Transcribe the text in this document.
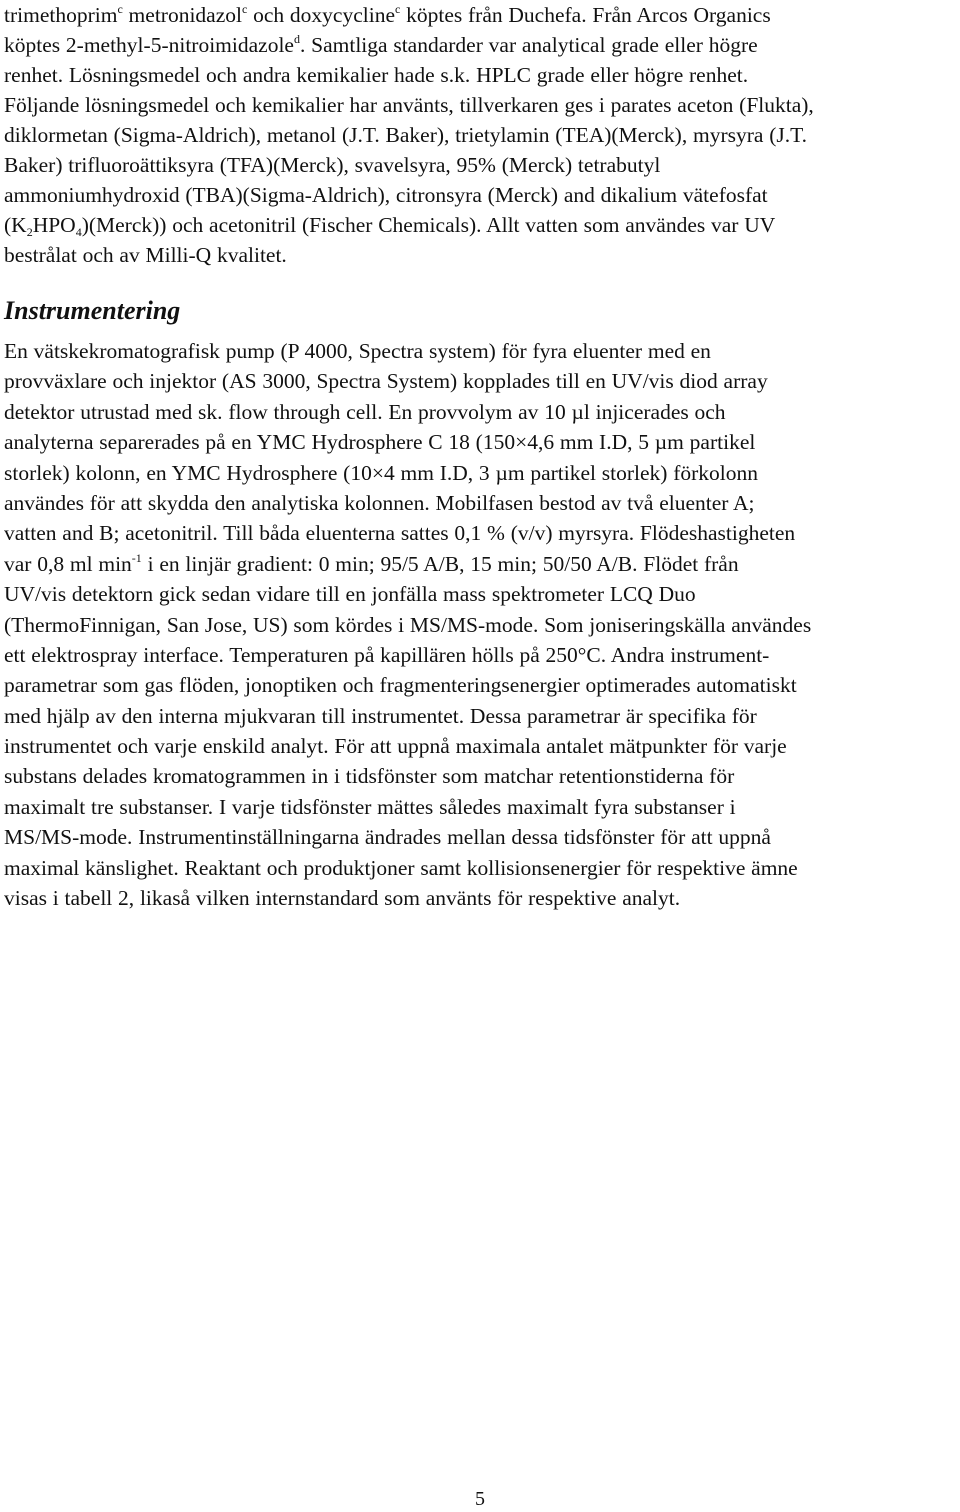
trimethoprim$^c$ metronidazol$^c$ och doxycycline$^c$ köptes från Duchefa. Från Arcos Organics
köptes 2-methyl-5-nitroimidazole$^d$. Samtliga standarder var analytical grade eller högre
renhet. Lösningsmedel och andra kemikalier hade s.k. HPLC grade eller högre renhet.
Följande lösningsmedel och kemikalier har använts, tillverkaren ges i parates aceton (Flukta),
diklormetan (Sigma-Aldrich), metanol (J.T. Baker), trietylamin (TEA)(Merck), myrsyra (J.T.
Baker) trifluoroättiksyra (TFA)(Merck), svavelsyra, 95% (Merck) tetrabutyl
ammoniumhydroxid (TBA)(Sigma-Aldrich), citronsyra (Merck) and dikalium vätefosfat
$(K_2HPO_4)(Merck)$) och acetonitril (Fischer Chemicals). Allt vatten som användes var UV
bestrålat och av Milli-Q kvalitet.
Instrumentering
En vätskekromatografisk pump (P 4000, Spectra system) för fyra eluenter med en
provväxlare och injektor (AS 3000, Spectra System) kopplades till en UV/vis diod array
detektor utrustad med sk. flow through cell. En provvolym av 10 µl injicerades och
analyterna separerades på en YMC Hydrosphere C 18 (150×4,6 mm I.D, 5 µm partikel
storlek) kolonn, en YMC Hydrosphere (10×4 mm I.D, 3 µm partikel storlek) förkolonn
användes för att skydda den analytiska kolonnen. Mobilfasen bestod av två eluenter A;
vatten and B; acetonitril. Till båda eluenterna sattes 0,1 % (v/v) myrsyra. Flödeshastigheten
var 0,8 ml $\min^{-1} i$ en linjär gradient: 0 min; 95/5 A/B, 15 min; 50/50 A/B. Flödet från
UV/vis detektorn gick sedan vidare till en jonfälla mass spektrometer LCQ Duo
(ThermoFinnigan, San Jose, US) som kördes i MS/MS-mode. Som joniseringskälla användes
ett elektrospray interface. Temperaturen på kapillären hölls på 250°C. Andra instrument-
parametrar som gas flöden, jonoptiken och fragmenteringsenergier optimerades automatiskt
med hjälp av den interna mjukvaran till instrumentet. Dessa parametrar är specifika för
instrumentet och varje enskild analyt. För att uppnå maximala antalet mätpunkter för varje
substans delades kromatogrammen in i tidsfönster som matchar retentionstiderna för
maximalt tre substanser. I varje tidsfönster mättes således maximalt fyra substanser i
MS/MS-mode. Instrumentinställningarna ändrades mellan dessa tidsfönster för att uppnå
maximal känslighet. Reaktant och produktjoner samt kollisionsenergier för respektive ämne
visas i tabell 2, likaså vilken internstandard som använts för respektive analyt.
5
